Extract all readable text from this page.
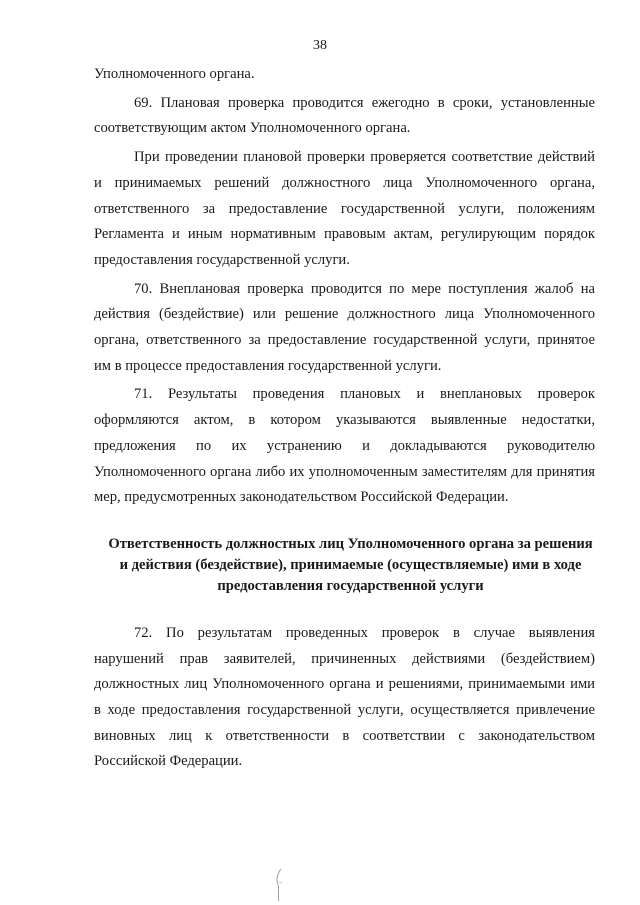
38

Уполномоченного органа.

69. Плановая проверка проводится ежегодно в сроки, установленные соответствующим актом Уполномоченного органа.

При проведении плановой проверки проверяется соответствие действий и принимаемых решений должностного лица Уполномоченного органа, ответственного за предоставление государственной услуги, положениям Регламента и иным нормативным правовым актам, регулирующим порядок предоставления государственной услуги.

70. Внеплановая проверка проводится по мере поступления жалоб на действия (бездействие) или решение должностного лица Уполномоченного органа, ответственного за предоставление государственной услуги, принятое им в процессе предоставления государственной услуги.

71. Результаты проведения плановых и внеплановых проверок оформляются актом, в котором указываются выявленные недостатки, предложения по их устранению и докладываются руководителю Уполномоченного органа либо их уполномоченным заместителям для принятия мер, предусмотренных законодательством Российской Федерации.

Ответственность должностных лиц Уполномоченного органа за решения и действия (бездействие), принимаемые (осуществляемые) ими в ходе предоставления государственной услуги

72. По результатам проведенных проверок в случае выявления нарушений прав заявителей, причиненных действиями (бездействием) должностных лиц Уполномоченного органа и решениями, принимаемыми ими в ходе предоставления государственной услуги, осуществляется привлечение виновных лиц к ответственности в соответствии с законодательством Российской Федерации.
